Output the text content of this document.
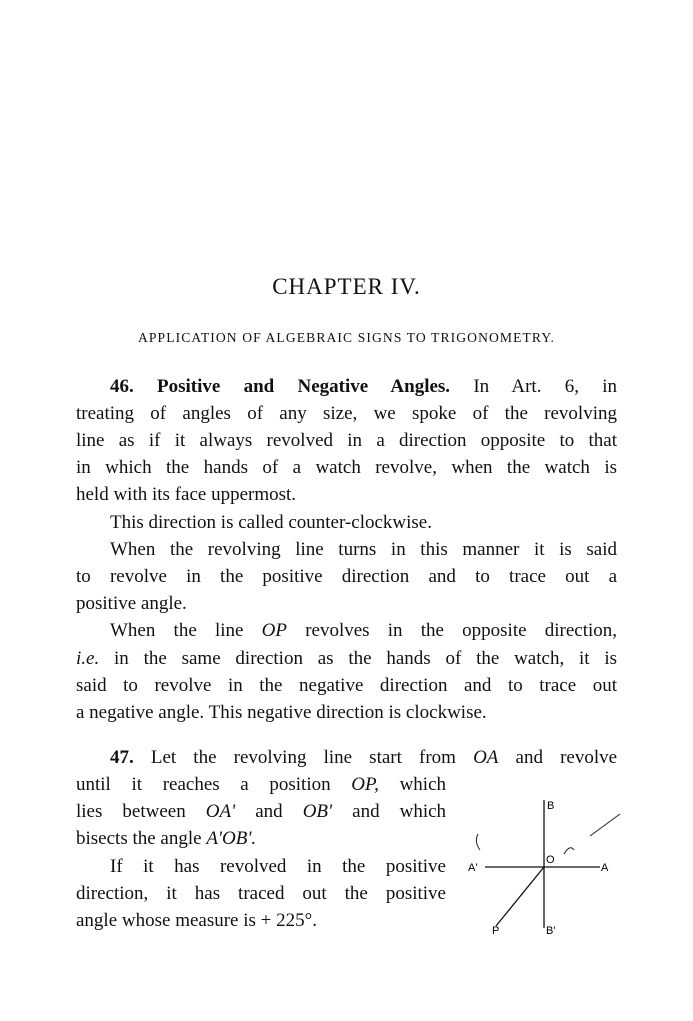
CHAPTER IV.
APPLICATION OF ALGEBRAIC SIGNS TO TRIGONOMETRY.
46. Positive and Negative Angles. In Art. 6, in
treating of angles of any size, we spoke of the revolving
line as if it always revolved in a direction opposite to that
in which the hands of a watch revolve, when the watch is
held with its face uppermost.
This direction is called counter-clockwise.
When the revolving line turns in this manner it is said
to revolve in the positive direction and to trace out a
positive angle.
When the line OP revolves in the opposite direction,
i.e. in the same direction as the hands of the watch, it is
said to revolve in the negative direction and to trace out
a negative angle. This negative direction is clockwise.
47. Let the revolving line start from OA and revolve
until it reaches a position OP, which
lies between OA' and OB' and which
bisects the angle A'OB'.
If it has revolved in the positive
direction, it has traced out the positive
angle whose measure is + 225°.
B
A'
O
A
P	B'
